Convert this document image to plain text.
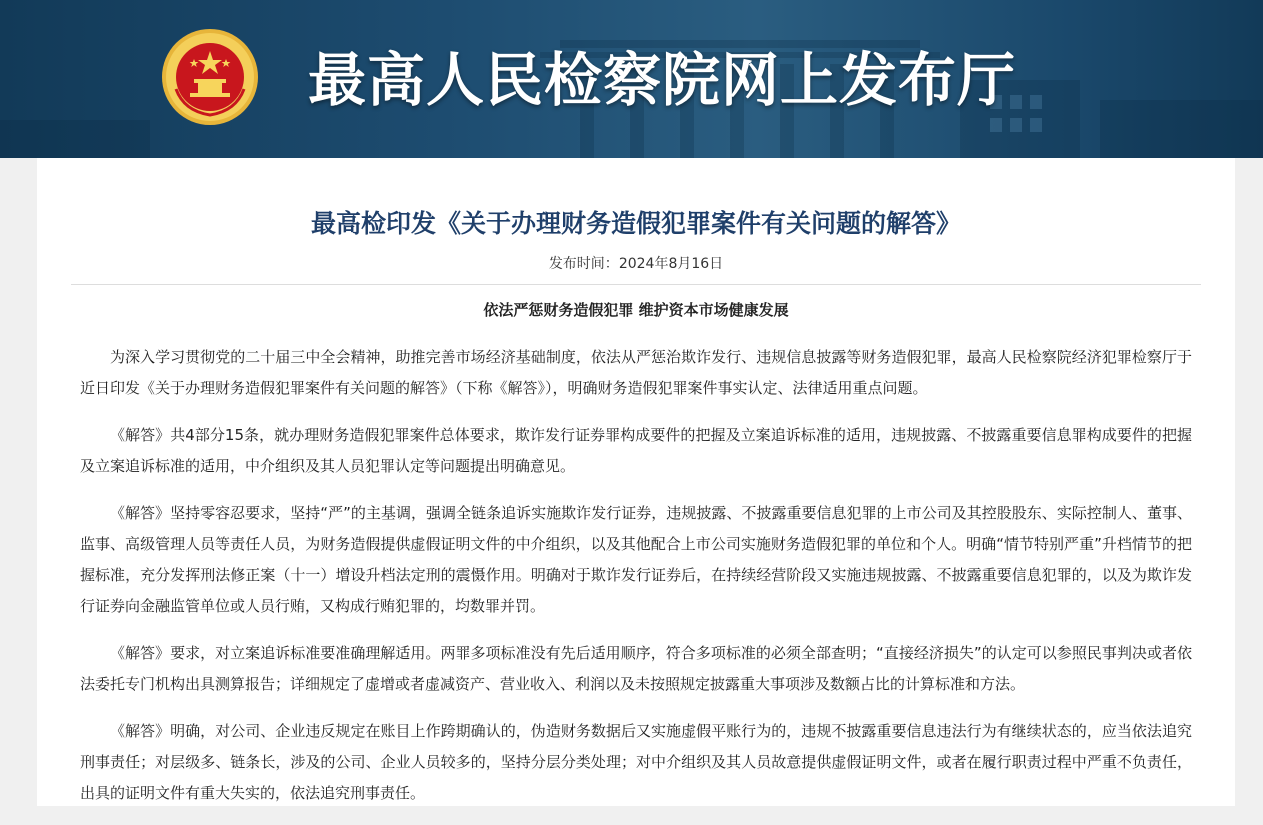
最高人民检察院网上发布厅
最高检印发《关于办理财务造假犯罪案件有关问题的解答》
发布时间：2024年8月16日
依法严惩财务造假犯罪 维护资本市场健康发展

为深入学习贯彻党的二十届三中全会精神，助推完善市场经济基础制度，依法从严惩治欺诈发行、违规信息披露等财务造假犯罪，最高人民检察院经济犯罪检察厅于近日印发《关于办理财务造假犯罪案件有关问题的解答》（下称《解答》），明确财务造假犯罪案件事实认定、法律适用重点问题。

《解答》共4部分15条，就办理财务造假犯罪案件总体要求，欺诈发行证券罪构成要件的把握及立案追诉标准的适用，违规披露、不披露重要信息罪构成要件的把握及立案追诉标准的适用，中介组织及其人员犯罪认定等问题提出明确意见。

《解答》坚持零容忍要求，坚持“严”的主基调，强调全链条追诉实施欺诈发行证券，违规披露、不披露重要信息犯罪的上市公司及其控股股东、实际控制人、董事、监事、高级管理人员等责任人员，为财务造假提供虚假证明文件的中介组织，以及其他配合上市公司实施财务造假犯罪的单位和个人。明确“情节特别严重”升档情节的把握标准，充分发挥刑法修正案（十一）增设升档法定刑的震慑作用。明确对于欺诈发行证券后，在持续经营阶段又实施违规披露、不披露重要信息犯罪的，以及为欺诈发行证券向金融监管单位或人员行贿，又构成行贿犯罪的，均数罪并罚。

《解答》要求，对立案追诉标准要准确理解适用。两罪多项标准没有先后适用顺序，符合多项标准的必须全部查明；“直接经济损失”的认定可以参照民事判决或者依法委托专门机构出具测算报告；详细规定了虚增或者虚减资产、营业收入、利润以及未按照规定披露重大事项涉及数额占比的计算标准和方法。

《解答》明确，对公司、企业违反规定在账目上作跨期确认的，伪造财务数据后又实施虚假平账行为的，违规不披露重要信息违法行为有继续状态的，应当依法追究刑事责任；对层级多、链条长，涉及的公司、企业人员较多的，坚持分层分类处理；对中介组织及其人员故意提供虚假证明文件，或者在履行职责过程中严重不负责任，出具的证明文件有重大失实的，依法追究刑事责任。
